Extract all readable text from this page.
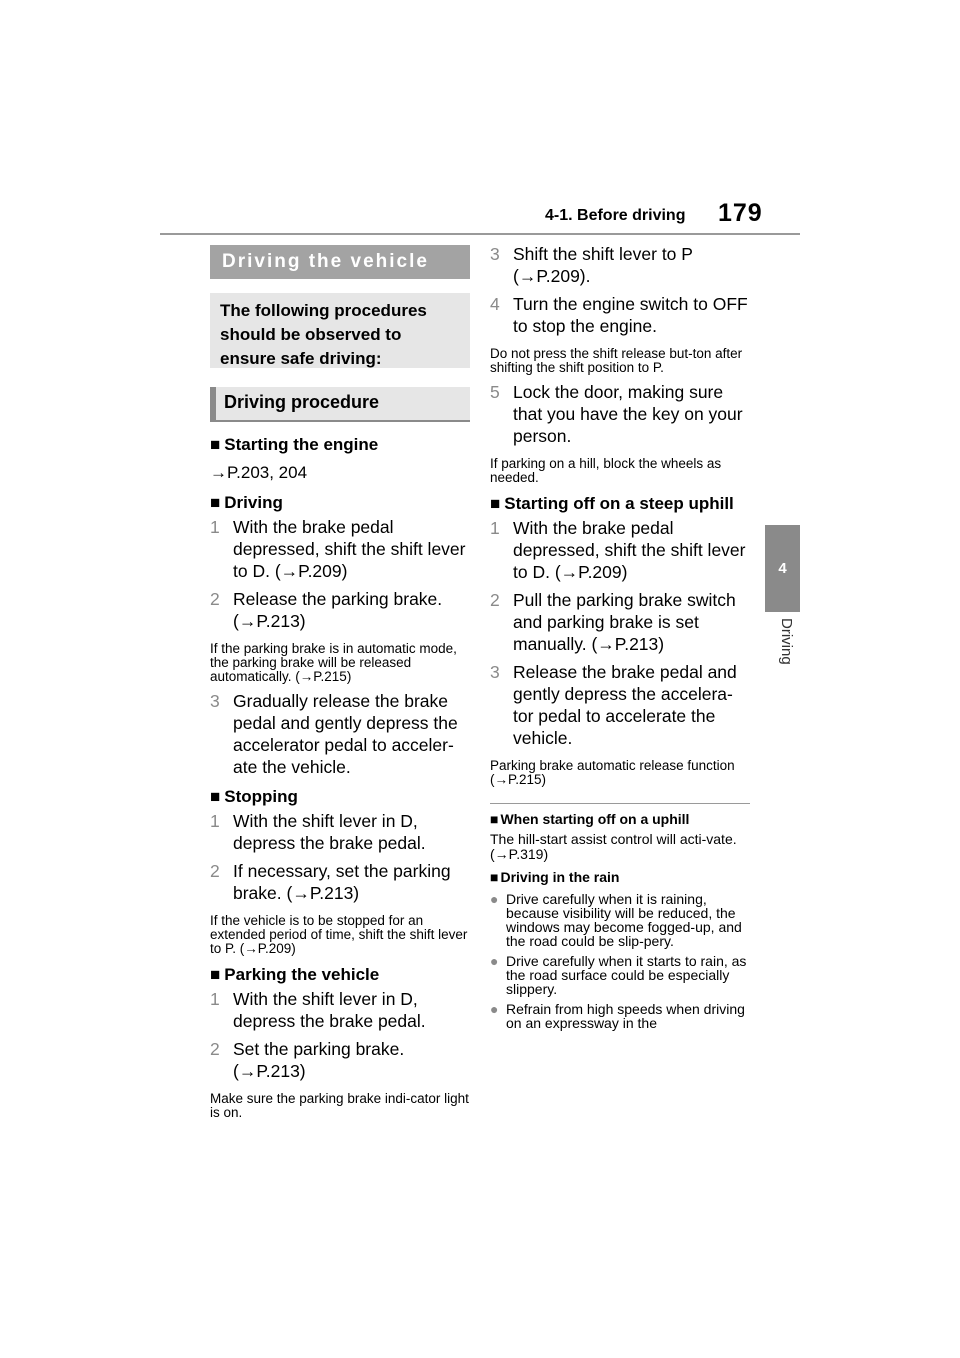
4-1. Before driving 179
4
Driving
Driving the vehicle
The following procedures should be observed to ensure safe driving:
Driving procedure
■ Starting the engine
→P.203, 204
■ Driving
1 With the brake pedal depressed, shift the shift lever to D. (→P.209)
2 Release the parking brake. (→P.213)
If the parking brake is in automatic mode, the parking brake will be released automatically. (→P.215)
3 Gradually release the brake pedal and gently depress the accelerator pedal to acceler-ate the vehicle.
■ Stopping
1 With the shift lever in D, depress the brake pedal.
2 If necessary, set the parking brake. (→P.213)
If the vehicle is to be stopped for an extended period of time, shift the shift lever to P. (→P.209)
■ Parking the vehicle
1 With the shift lever in D, depress the brake pedal.
2 Set the parking brake. (→P.213)
Make sure the parking brake indi-cator light is on.
3 Shift the shift lever to P (→P.209).
4 Turn the engine switch to OFF to stop the engine.
Do not press the shift release but-ton after shifting the shift position to P.
5 Lock the door, making sure that you have the key on your person.
If parking on a hill, block the wheels as needed.
■ Starting off on a steep uphill
1 With the brake pedal depressed, shift the shift lever to D. (→P.209)
2 Pull the parking brake switch and parking brake is set manually. (→P.213)
3 Release the brake pedal and gently depress the accelera-tor pedal to accelerate the vehicle.
Parking brake automatic release function (→P.215)
■ When starting off on a uphill
The hill-start assist control will acti-vate. (→P.319)
■ Driving in the rain
● Drive carefully when it is raining, because visibility will be reduced, the windows may become fogged-up, and the road could be slip-pery.
● Drive carefully when it starts to rain, as the road surface could be especially slippery.
● Refrain from high speeds when driving on an expressway in the
